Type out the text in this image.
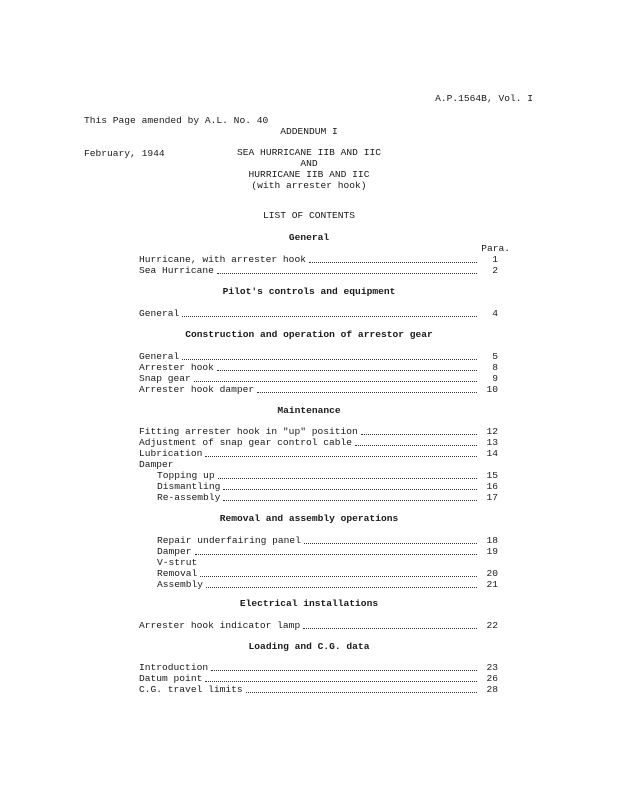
This Page amended by A.L. No. 40

February, 1944

A.P.1564B, Vol. I
ADDENDUM I
SEA HURRICANE IIB AND IIC
AND
HURRICANE IIB AND IIC
(with arrester hook)
LIST OF CONTENTS
General
Para.
Hurricane, with arrester hook	1
Sea Hurricane	2
Pilot's controls and equipment
General	4
Construction and operation of arrestor gear
General	5
Arrester hook	8
Snap gear	9
Arrester hook damper	10
Maintenance
Fitting arrester hook in "up" position	12
Adjustment of snap gear control cable	13
Lubrication	14
Damper
Topping up	15
Dismantling	16
Re-assembly	17
Removal and assembly operations
Repair underfairing panel	18
Damper	19
V-strut
Removal	20
Assembly	21
Electrical installations
Arrester hook indicator lamp	22
Loading and C.G. data
Introduction	23
Datum point	26
C.G. travel limits	28
